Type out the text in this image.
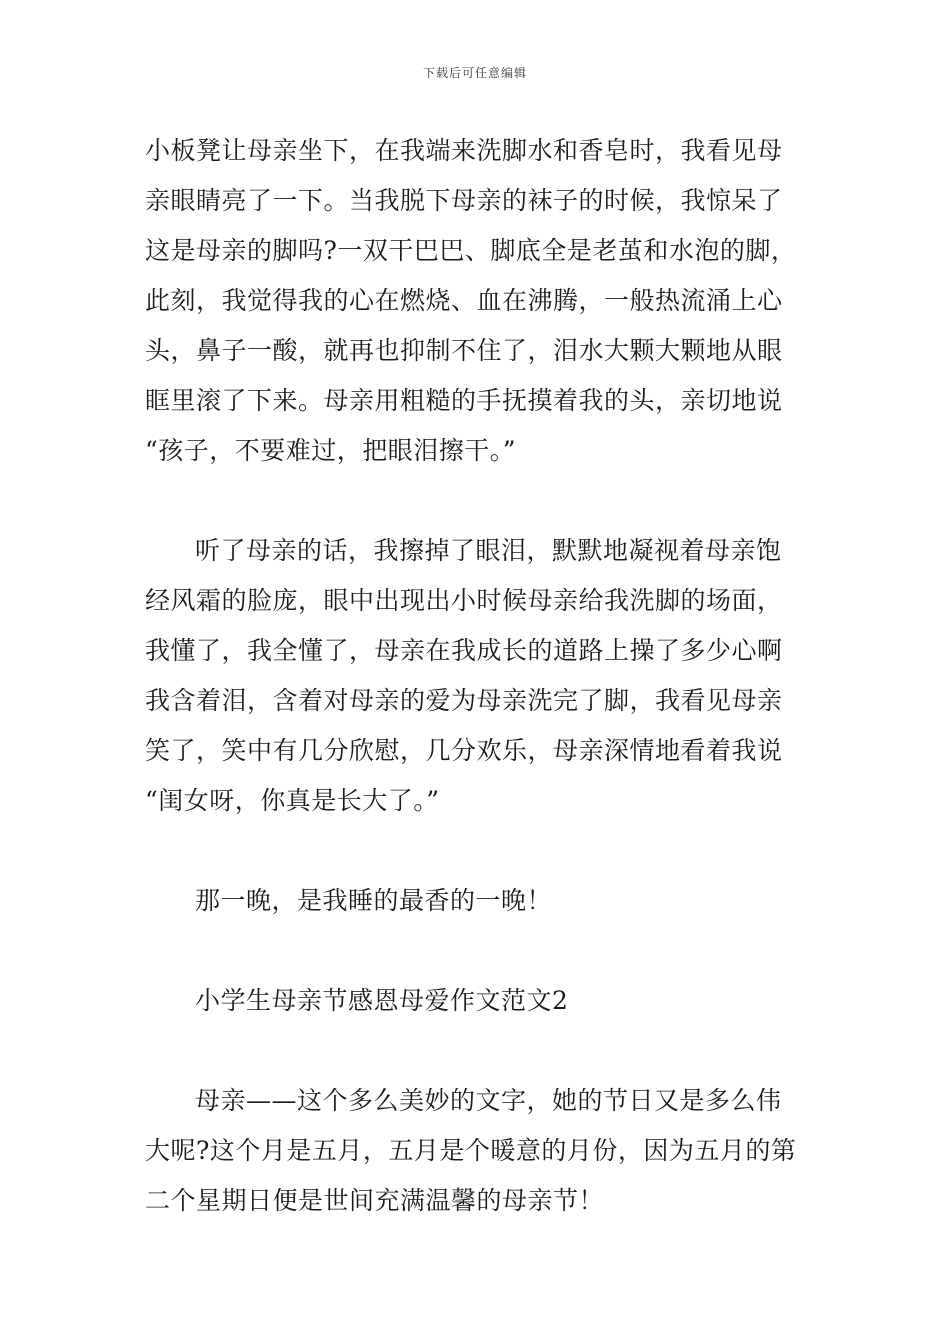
下载后可任意编辑
小板凳让母亲坐下，在我端来洗脚水和香皂时，我看见母
亲眼睛亮了一下。当我脱下母亲的袜子的时候，我惊呆了
这是母亲的脚吗?一双干巴巴、脚底全是老茧和水泡的脚，
此刻，我觉得我的心在燃烧、血在沸腾，一般热流涌上心
头，鼻子一酸，就再也抑制不住了，泪水大颗大颗地从眼
眶里滚了下来。母亲用粗糙的手抚摸着我的头，亲切地说
“孩子，不要难过，把眼泪擦干。”
听了母亲的话，我擦掉了眼泪，默默地凝视着母亲饱
经风霜的脸庞，眼中出现出小时候母亲给我洗脚的场面，
我懂了，我全懂了，母亲在我成长的道路上操了多少心啊
我含着泪，含着对母亲的爱为母亲洗完了脚，我看见母亲
笑了，笑中有几分欣慰，几分欢乐，母亲深情地看着我说
“闺女呀，你真是长大了。”
那一晚，是我睡的最香的一晚！
小学生母亲节感恩母爱作文范文2
母亲——这个多么美妙的文字，她的节日又是多么伟
大呢?这个月是五月，五月是个暖意的月份，因为五月的第
二个星期日便是世间充满温馨的母亲节！
